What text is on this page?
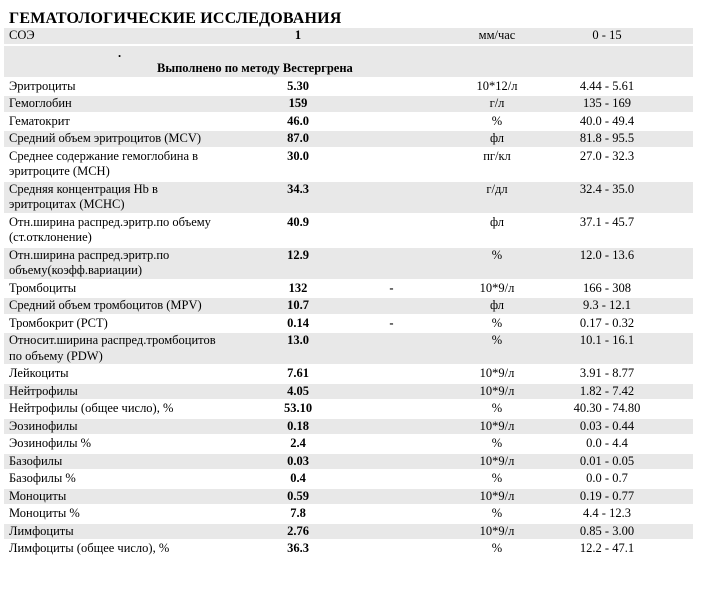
ГЕМАТОЛОГИЧЕСКИЕ ИССЛЕДОВАНИЯ
СОЭ	1	мм/час	0 - 15
.
Выполнено по методу Вестергрена
Эритроциты	5.30	10*12/л	4.44 - 5.61
Гемоглобин	159	г/л	135 - 169
Гематокрит	46.0	%	40.0 - 49.4
Средний объем эритроцитов (MCV)	87.0	фл	81.8 - 95.5
Среднее содержание гемоглобина в
эритроците (MCH)
30.0	пг/кл	27.0 - 32.3
Средняя концентрация Hb в
эритроцитах (MCHC)
34.3	г/дл	32.4 - 35.0
Отн.ширина распред.эритр.по объему
(ст.отклонение)
40.9	фл	37.1 - 45.7
Отн.ширина распред.эритр.по
объему(коэфф.вариации)
12.9	%	12.0 - 13.6
Тромбоциты	132	-	10*9/л	166 - 308
Средний объем тромбоцитов (MPV)	10.7	фл	9.3 - 12.1
Тромбокрит (PCT)	0.14	-	%	0.17 - 0.32
Относит.ширина распред.тромбоцитов
по объему (PDW)
13.0	%	10.1 - 16.1
Лейкоциты	7.61	10*9/л	3.91 - 8.77
Нейтрофилы	4.05	10*9/л	1.82 - 7.42
Нейтрофилы (общее число), %	53.10	%	40.30 - 74.80
Эозинофилы	0.18	10*9/л	0.03 - 0.44
Эозинофилы %	2.4	%	0.0 - 4.4
Базофилы	0.03	10*9/л	0.01 - 0.05
Базофилы %	0.4	%	0.0 - 0.7
Моноциты	0.59	10*9/л	0.19 - 0.77
Моноциты %	7.8	%	4.4 - 12.3
Лимфоциты	2.76	10*9/л	0.85 - 3.00
Лимфоциты (общее число), %	36.3	%	12.2 - 47.1
